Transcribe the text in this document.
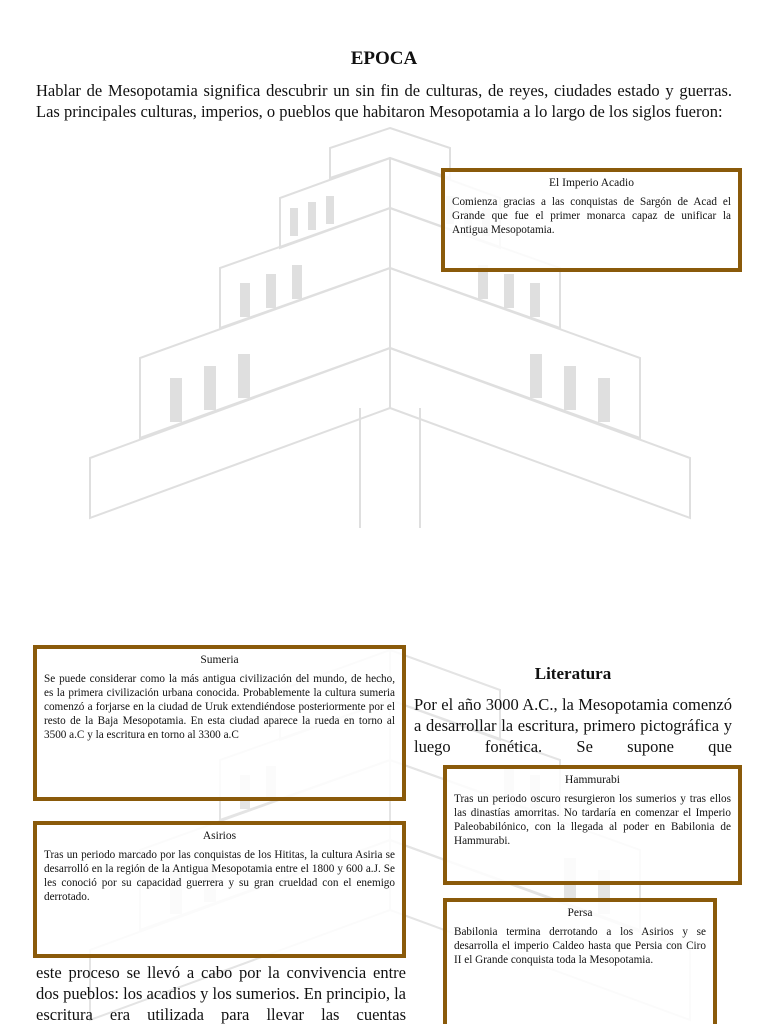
EPOCA

Hablar de Mesopotamia significa descubrir un sin fin de culturas, de reyes, ciudades estado y guerras. Las principales culturas, imperios, o pueblos que habitaron Mesopotamia a lo largo de los siglos fueron:

El Imperio Acadio

Comienza gracias a las conquistas de Sargón de Acad el Grande que fue el primer monarca capaz de unificar la Antigua Mesopotamia.

Sumeria

Se puede considerar como la más antigua civilización del mundo, de hecho, es la primera civilización urbana conocida. Probablemente la cultura sumeria comenzó a forjarse en la ciudad de Uruk extendiéndose posteriormente por el resto de la Baja Mesopotamia. En esta ciudad aparece la rueda en torno al 3500 a.C y la escritura en torno al 3300 a.C

Literatura

Por el año 3000 A.C., la Mesopotamia comenzó a desarrollar la escritura, primero pictográfica y luego fonética. Se supone que

Hammurabi

Tras un periodo oscuro resurgieron los sumerios y tras ellos las dinastías amorritas. No tardaría en comenzar el Imperio Paleobabilónico, con la llegada al poder en Babilonia de Hammurabi.

Asirios

Tras un periodo marcado por las conquistas de los Hititas, la cultura Asiria se desarrolló en la región de la Antigua Mesopotamia entre el 1800 y 600 a.J. Se les conoció por su capacidad guerrera y su gran crueldad con el enemigo derrotado.

Persa

Babilonia termina derrotando a los Asirios y se desarrolla el imperio Caldeo hasta que Persia con Ciro II el Grande conquista toda la Mesopotamia.

este proceso se llevó a cabo por la convivencia entre dos pueblos: los acadios y los sumerios. En principio, la escritura era utilizada para llevar las cuentas
